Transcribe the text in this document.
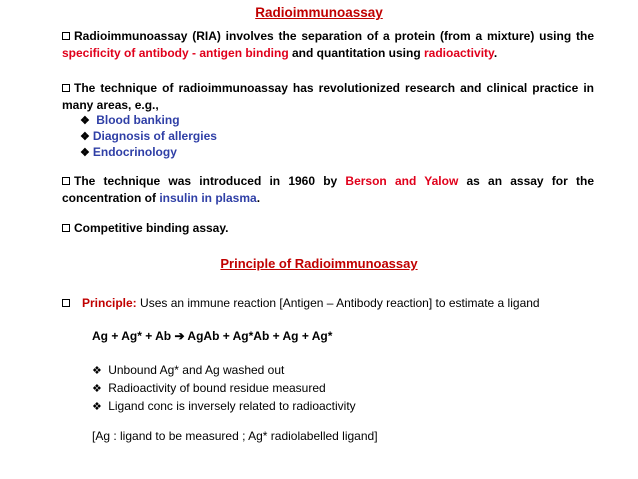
Radioimmunoassay
Radioimmunoassay (RIA) involves the separation of a protein (from a mixture) using the specificity of antibody - antigen binding and quantitation using radioactivity.
The technique of radioimmunoassay has revolutionized research and clinical practice in many areas, e.g.,
❖ Blood banking
❖ Diagnosis of allergies
❖ Endocrinology
The technique was introduced in 1960 by Berson and Yalow as an assay for the concentration of insulin in plasma.
Competitive binding assay.
Principle of Radioimmunoassay
Principle: Uses an immune reaction [Antigen – Antibody reaction] to estimate a ligand
Ag + Ag* + Ab ➔ AgAb + Ag*Ab + Ag + Ag*
❖ Unbound Ag* and Ag washed out
❖ Radioactivity of bound residue measured
❖ Ligand conc is inversely related to radioactivity
[Ag : ligand to be measured ; Ag* radiolabelled ligand]
